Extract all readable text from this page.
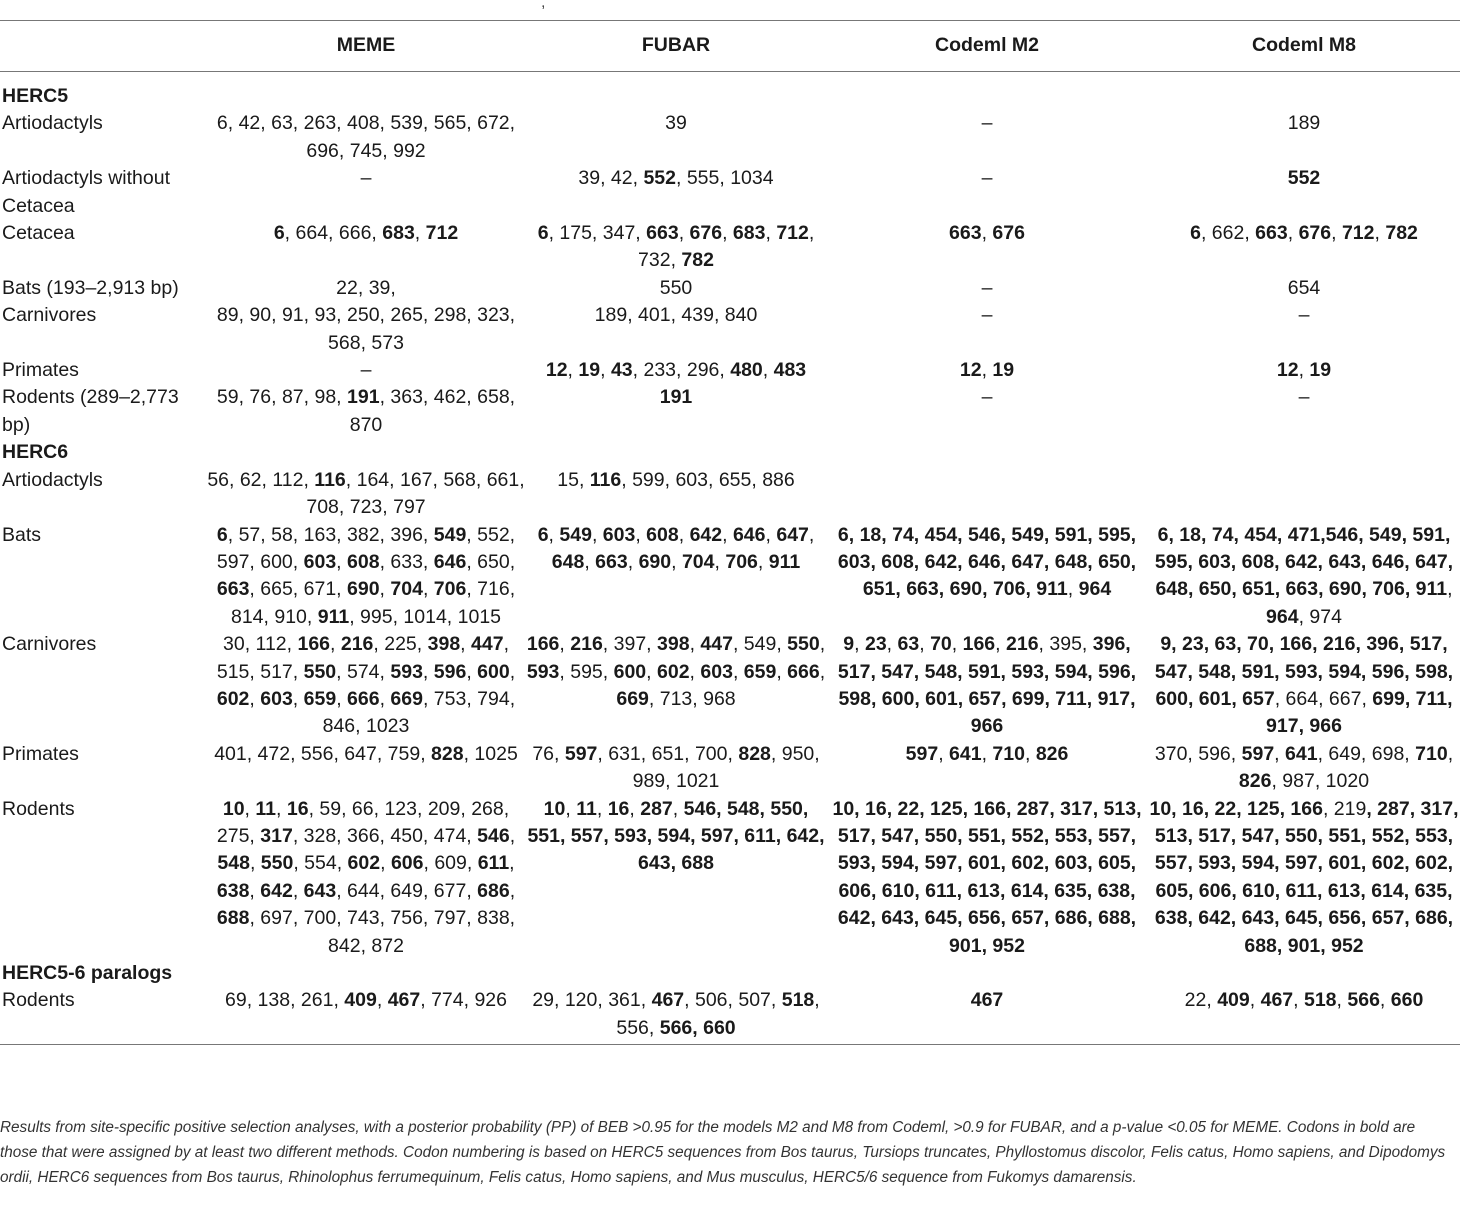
,
	MEME	FUBAR	Codeml M2	Codeml M8
HERC5				
Artiodactyls	6, 42, 63, 263, 408, 539, 565, 672, 696, 745, 992	39	–	189
Artiodactyls without Cetacea	–	39, 42, 552, 555, 1034	–	552
Cetacea	6, 664, 666, 683, 712	6, 175, 347, 663, 676, 683, 712, 732, 782	663, 676	6, 662, 663, 676, 712, 782
Bats (193–2,913 bp)	22, 39,	550	–	654
Carnivores	89, 90, 91, 93, 250, 265, 298, 323, 568, 573	189, 401, 439, 840	–	–
Primates	–	12, 19, 43, 233, 296, 480, 483	12, 19	12, 19
Rodents (289–2,773 bp)	59, 76, 87, 98, 191, 363, 462, 658, 870	191	–	–
HERC6				
Artiodactyls	56, 62, 112, 116, 164, 167, 568, 661, 708, 723, 797	15, 116, 599, 603, 655, 886		
Bats	6, 57, 58, 163, 382, 396, 549, 552, 597, 600, 603, 608, 633, 646, 650, 663, 665, 671, 690, 704, 706, 716, 814, 910, 911, 995, 1014, 1015	6, 549, 603, 608, 642, 646, 647, 648, 663, 690, 704, 706, 911	6, 18, 74, 454, 546, 549, 591, 595, 603, 608, 642, 646, 647, 648, 650, 651, 663, 690, 706, 911, 964	6, 18, 74, 454, 471,546, 549, 591, 595, 603, 608, 642, 643, 646, 647, 648, 650, 651, 663, 690, 706, 911, 964, 974
Carnivores	30, 112, 166, 216, 225, 398, 447, 515, 517, 550, 574, 593, 596, 600, 602, 603, 659, 666, 669, 753, 794, 846, 1023	166, 216, 397, 398, 447, 549, 550, 593, 595, 600, 602, 603, 659, 666, 669, 713, 968	9, 23, 63, 70, 166, 216, 395, 396, 517, 547, 548, 591, 593, 594, 596, 598, 600, 601, 657, 699, 711, 917, 966	9, 23, 63, 70, 166, 216, 396, 517, 547, 548, 591, 593, 594, 596, 598, 600, 601, 657, 664, 667, 699, 711, 917, 966
Primates	401, 472, 556, 647, 759, 828, 1025	76, 597, 631, 651, 700, 828, 950, 989, 1021	597, 641, 710, 826	370, 596, 597, 641, 649, 698, 710, 826, 987, 1020
Rodents	10, 11, 16, 59, 66, 123, 209, 268, 275, 317, 328, 366, 450, 474, 546, 548, 550, 554, 602, 606, 609, 611, 638, 642, 643, 644, 649, 677, 686, 688, 697, 700, 743, 756, 797, 838, 842, 872	10, 11, 16, 287, 546, 548, 550, 551, 557, 593, 594, 597, 611, 642, 643, 688	10, 16, 22, 125, 166, 287, 317, 513, 517, 547, 550, 551, 552, 553, 557, 593, 594, 597, 601, 602, 603, 605, 606, 610, 611, 613, 614, 635, 638, 642, 643, 645, 656, 657, 686, 688, 901, 952	10, 16, 22, 125, 166, 219, 287, 317, 513, 517, 547, 550, 551, 552, 553, 557, 593, 594, 597, 601, 602, 602, 605, 606, 610, 611, 613, 614, 635, 638, 642, 643, 645, 656, 657, 686, 688, 901, 952
HERC5-6 paralogs				
Rodents	69, 138, 261, 409, 467, 774, 926	29, 120, 361, 467, 506, 507, 518, 556, 566, 660	467	22, 409, 467, 518, 566, 660
Results from site-specific positive selection analyses, with a posterior probability (PP) of BEB >0.95 for the models M2 and M8 from Codeml, >0.9 for FUBAR, and a p-value <0.05 for MEME. Codons in bold are those that were assigned by at least two different methods. Codon numbering is based on HERC5 sequences from Bos taurus, Tursiops truncates, Phyllostomus discolor, Felis catus, Homo sapiens, and Dipodomys ordii, HERC6 sequences from Bos taurus, Rhinolophus ferrumequinum, Felis catus, Homo sapiens, and Mus musculus, HERC5/6 sequence from Fukomys damarensis.
